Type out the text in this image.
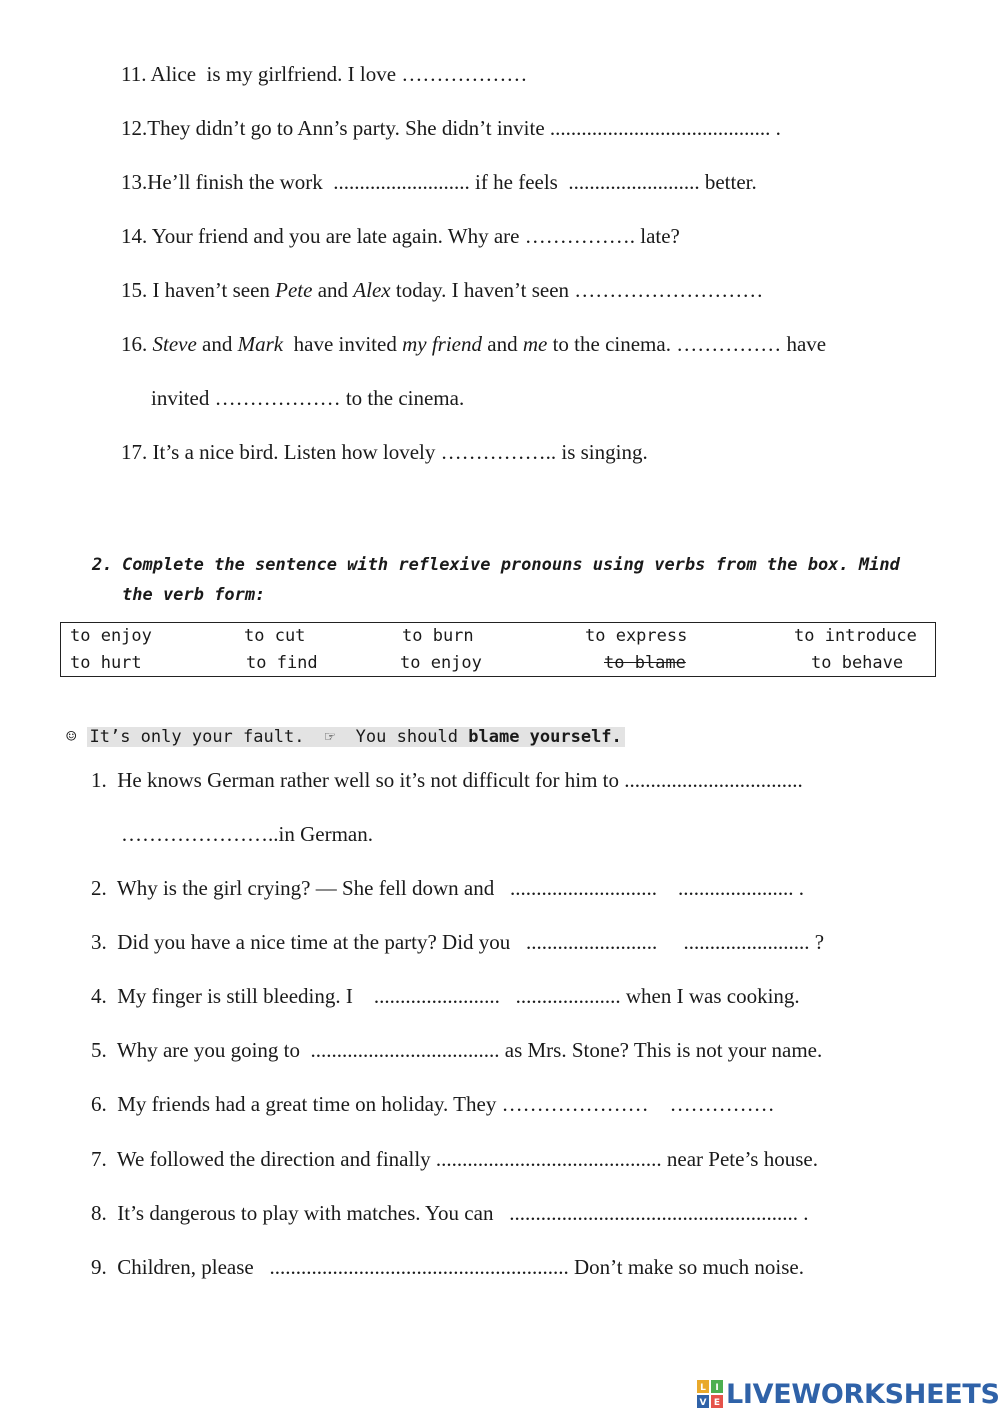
11. Alice  is my girlfriend. I love ………………
12.They didn’t go to Ann’s party. She didn’t invite .......................................... .
13.He’ll finish the work  .......................... if he feels  ......................... better.
14. Your friend and you are late again. Why are ……………. late?
15. I haven’t seen Pete and Alex today. I haven’t seen ………………………
16. Steve and Mark  have invited my friend and me to the cinema. …………… have
invited ……………… to the cinema.
17. It’s a nice bird. Listen how lovely …………….. is singing.
2. Complete the sentence with reflexive pronouns using verbs from the box. Mind
the verb form:
to enjoy	to cut	to burn	to express	to introduce
to hurt	to find	to enjoy	to blame	to behave
☺ It’s only your fault. ☞ You should blame yourself.
1.  He knows German rather well so it’s not difficult for him to ..................................
…………………..in German.
2.  Why is the girl crying? — She fell down and   ............................    ...................... .
3.  Did you have a nice time at the party? Did you   .........................     ........................ ?
4.  My finger is still bleeding. I    ........................   .................... when I was cooking.
5.  Why are you going to  .................................... as Mrs. Stone? This is not your name.
6.  My friends had a great time on holiday. They …………………    ……………
7.  We followed the direction and finally ........................................... near Pete’s house.
8.  It’s dangerous to play with matches. You can   ....................................................... .
9.  Children, please   ......................................................... Don’t make so much noise.
L I
V E LIVEWORKSHEETS
